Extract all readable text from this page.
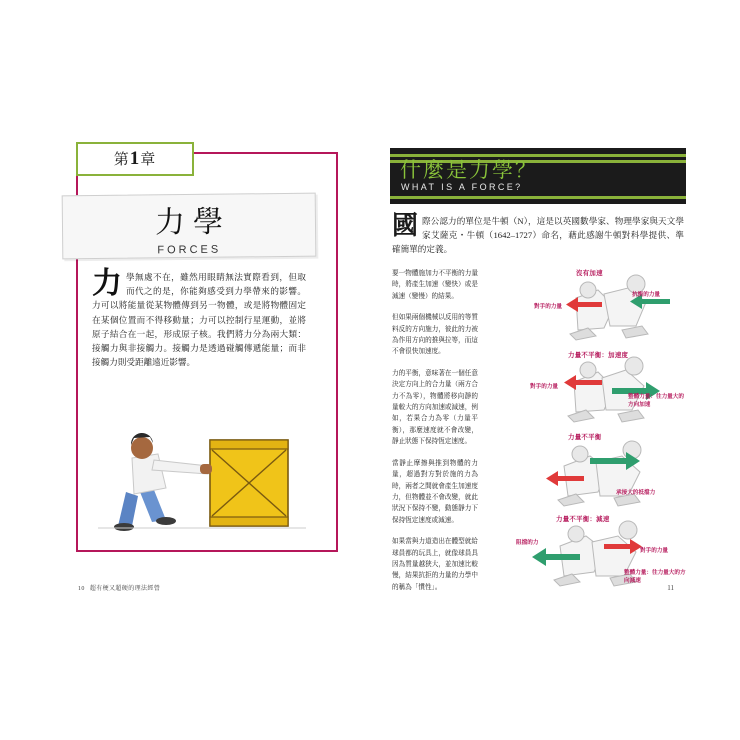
第1章
力學
FORCES
力學無處不在，雖然用眼睛無法實際看到，但取而代之的是，你能夠感受到力學帶來的影響。力可以將能量從某物體傳到另一物體，或是將物體固定在某個位置而不得移動量；力可以控制行星運動，並將原子結合在一起，形成原子核。我們將力分為兩大類：接觸力與非接觸力。接觸力是透過碰觸傳遞能量；而非接觸力則受距離遠近影響。
10 超有梗又超硬的理法經營
什麼是力學？
WHAT IS A FORCE?
國際公認力的單位是牛頓（N），這是以英國數學家、物理學家與天文學家艾薩克・牛頓（1642–1727）命名，藉此感謝牛頓對科學提供、準確簡單的定義。

要一物體施加力不平衡的力量時，將產生加速（變快）或是減速（變慢）的結果。

但如果兩個機械以反用的等質料反的方向施力，彼此的力被為作用方向的推與拉等，而這不會很快加速度。

力的平衡，意味著在一個任意決定方向上的合力量（兩方合力不為零），物體將移向靜的量較大的方向加速或減速，例如，若果合力為零（力量平衡），那麼速度就不會改變，靜止狀態下保持恆定速度。

當靜止摩擦與推到物體的力量，超過對方對於施的力為時，兩者之間就會產生加速度力，但物體並不會改變，就此狀況下保持不變，動態靜力下保持恆定速度或減速。

如果當與力道造出在體型就給球員都的玩具上，就像球員具因為質量越狹大，並加速比較慢，結果抗拒的力量的力學中的稱為「慣性」。

沒有加速
對手的力量
抗衡的力量
力量不平衡：加速度
對手的力量
整體力量：往力量大的方向加速
力量不平衡
承接大的抵擋力
力量不平衡：減速
阻擋的力
對手的力量
整體力量：往力量大的方向減速
11
